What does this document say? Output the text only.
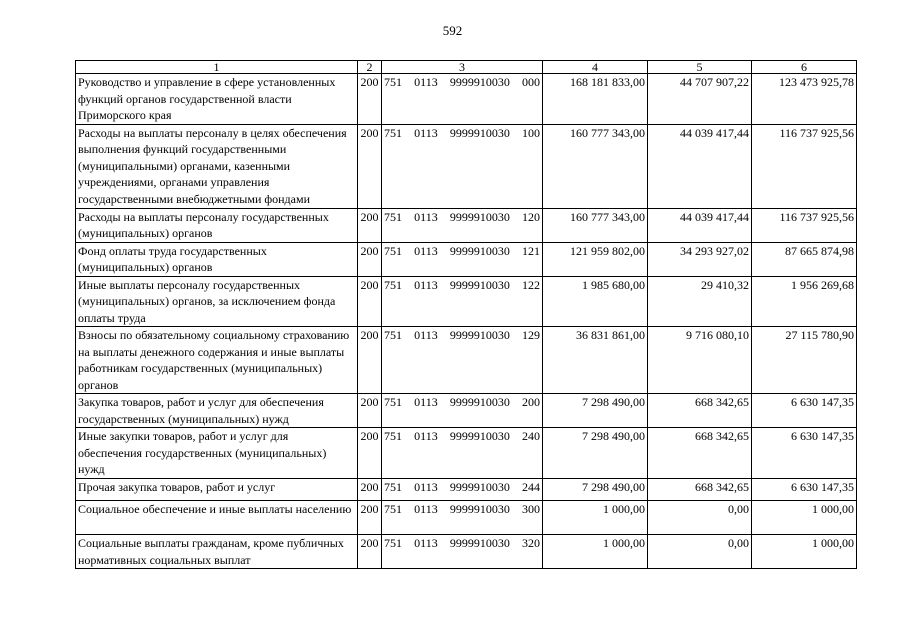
592
1	2	3	4	5	6
Руководство и управление в сфере установленных функций органов государственной власти Приморского края	200	751 0113 9999910030 000	168 181 833,00	44 707 907,22	123 473 925,78
Расходы на выплаты персоналу в целях обеспечения выполнения функций государственными (муниципальными) органами, казенными учреждениями, органами управления государственными внебюджетными фондами	200	751 0113 9999910030 100	160 777 343,00	44 039 417,44	116 737 925,56
Расходы на выплаты персоналу государственных (муниципальных) органов	200	751 0113 9999910030 120	160 777 343,00	44 039 417,44	116 737 925,56
Фонд оплаты труда государственных (муниципальных) органов	200	751 0113 9999910030 121	121 959 802,00	34 293 927,02	87 665 874,98
Иные выплаты персоналу государственных (муниципальных) органов, за исключением фонда оплаты труда	200	751 0113 9999910030 122	1 985 680,00	29 410,32	1 956 269,68
Взносы по обязательному социальному страхованию на выплаты денежного содержания и иные выплаты работникам государственных (муниципальных) органов	200	751 0113 9999910030 129	36 831 861,00	9 716 080,10	27 115 780,90
Закупка товаров, работ и услуг для обеспечения государственных (муниципальных) нужд	200	751 0113 9999910030 200	7 298 490,00	668 342,65	6 630 147,35
Иные закупки товаров, работ и услуг для обеспечения государственных (муниципальных) нужд	200	751 0113 9999910030 240	7 298 490,00	668 342,65	6 630 147,35
Прочая закупка товаров, работ и услуг	200	751 0113 9999910030 244	7 298 490,00	668 342,65	6 630 147,35
Социальное обеспечение и иные выплаты населению	200	751 0113 9999910030 300	1 000,00	0,00	1 000,00
Социальные выплаты гражданам, кроме публичных нормативных социальных выплат	200	751 0113 9999910030 320	1 000,00	0,00	1 000,00
